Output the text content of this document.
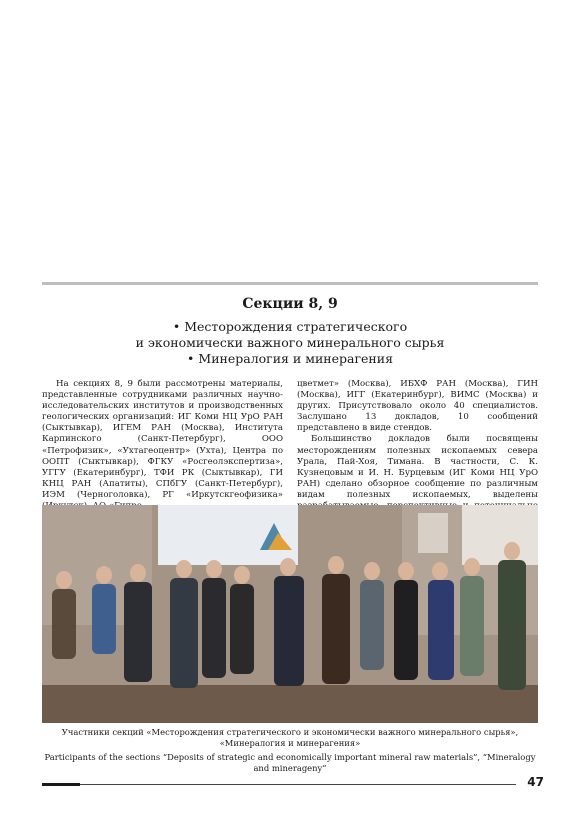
Секции 8, 9
• Месторождения стратегического
и экономически важного минерального сырья
• Минералогия и минерагения

На секциях 8, 9 были рассмотрены материалы, представленные сотрудниками различных научно-исследовательских институтов и производственных геологических организаций: ИГ Коми НЦ УрО РАН (Сыктывкар), ИГЕМ РАН (Москва), Института Карпинского (Санкт-Петербург), ООО «Петрофизик», «Ухтагеоцентр» (Ухта), Центра по ООПТ (Сыктывкар), ФГКУ «Росгеолэкспертиза», УГГУ (Екатеринбург), ТФИ РК (Сыктывкар), ГИ КНЦ РАН (Апатиты), СПбГУ (Санкт-Петербург), ИЭМ (Черноголовка), РГ «Иркутскгеофизика»

цветмет» (Москва), ИБХФ РАН (Москва), ГИН (Москва), ИГГ (Екатеринбург), ВИМС (Москва) и других. Присутствовало около 40 специалистов. Заслушано 13 докладов, 10 сообщений представлено в виде стендов.

Большинство докладов были посвящены месторождениям полезных ископаемых севера Урала, Пай-Хоя, Тимана. В частности, С. К. Кузнецовым и И. Н. Бурцевым (ИГ Коми НЦ УрО РАН) сделано обзорное сообщение по различным видам полезных ископаемых, выделены

Участники секций «Месторождения стратегического и экономически важного минерального сырья», «Минералогия и минерагения»
Participants of the sections “Deposits of strategic and economically important mineral raw materials”, “Mineralogy and minerageny”
47
